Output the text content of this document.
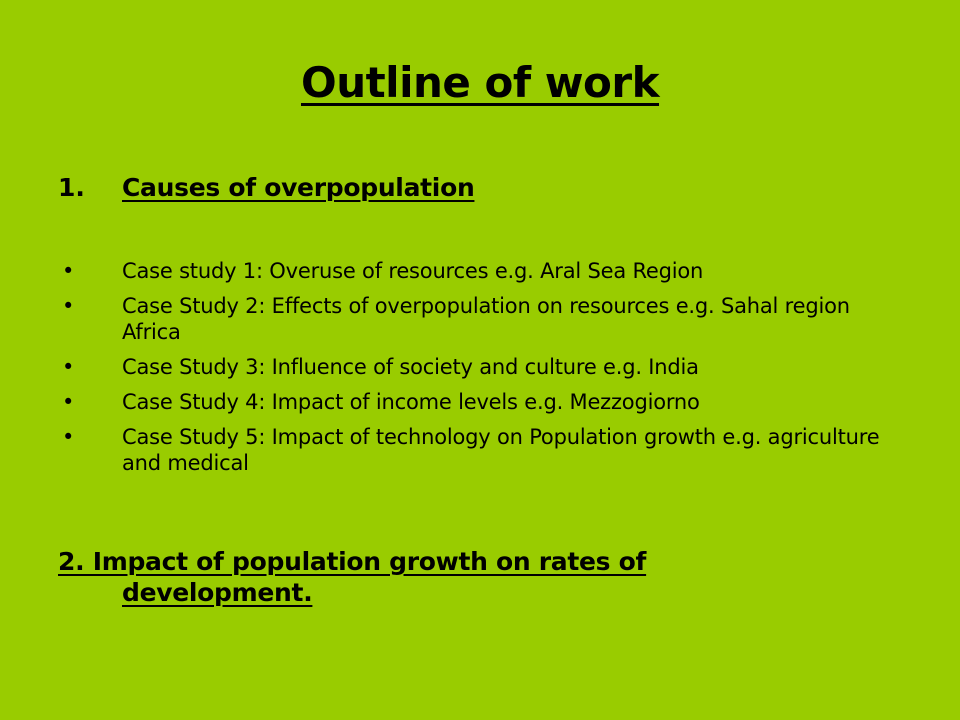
Outline of work
1.	Causes of overpopulation
• Case study 1: Overuse of resources e.g. Aral Sea Region
• Case Study 2: Effects of overpopulation on resources e.g. Sahal region Africa
• Case Study 3: Influence of society and culture e.g. India
• Case Study 4: Impact of income levels e.g. Mezzogiorno
• Case Study 5: Impact of technology on Population growth e.g. agriculture and medical
2. Impact of population growth on rates of
development.
